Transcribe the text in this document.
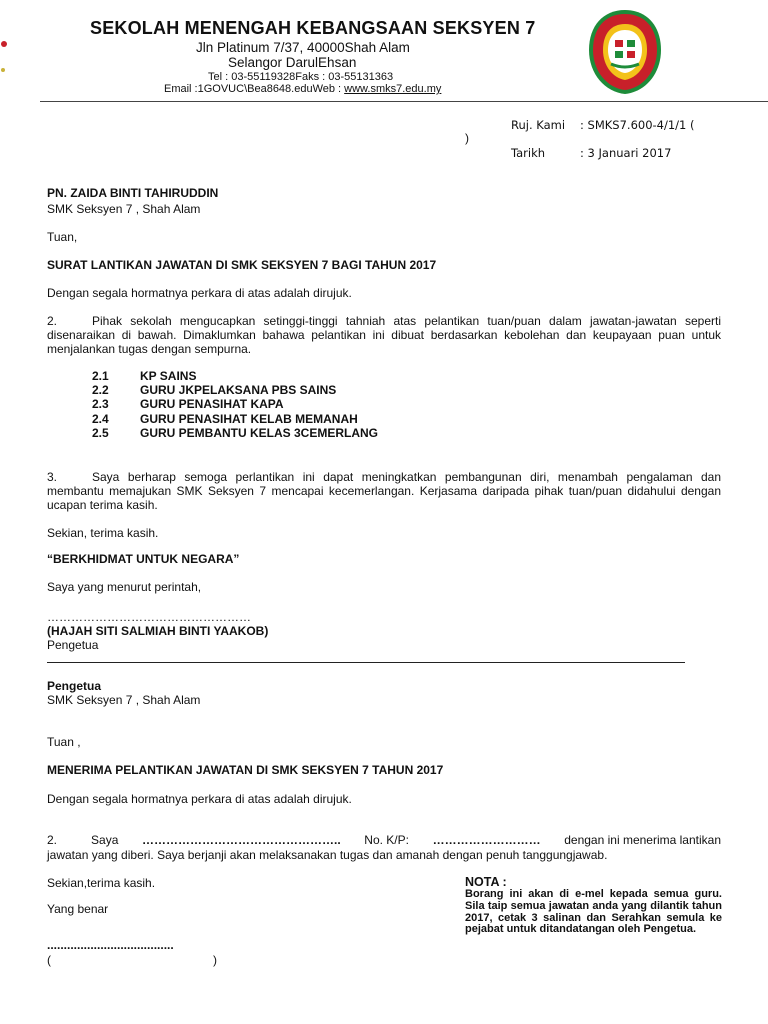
SEKOLAH MENENGAH KEBANGSAAN SEKSYEN 7
Jln Platinum 7/37, 40000Shah Alam
Selangor DarulEhsan
Tel : 03-55119328Faks : 03-55131363
Email :1GOVUC\Bea8648.eduWeb : www.smks7.edu.my
Ruj. Kami : SMKS7.600-4/1/1 (
)
Tarikh	: 3 Januari 2017
PN. ZAIDA BINTI TAHIRUDDIN
SMK Seksyen 7 , Shah Alam
Tuan,
SURAT LANTIKAN JAWATAN DI SMK SEKSYEN 7 BAGI TAHUN 2017
Dengan segala hormatnya perkara di atas adalah dirujuk.
2.	Pihak sekolah mengucapkan setinggi-tinggi tahniah atas pelantikan tuan/puan dalam jawatan-jawatan seperti disenaraikan di bawah. Dimaklumkan bahawa pelantikan ini dibuat berdasarkan kebolehan dan keupayaan puan untuk menjalankan tugas dengan sempurna.
2.1	KP SAINS
2.2	GURU JKPELAKSANA PBS SAINS
2.3	GURU PENASIHAT KAPA
2.4	GURU PENASIHAT KELAB MEMANAH
2.5	GURU PEMBANTU KELAS 3CEMERLANG
3.	Saya berharap semoga perlantikan ini dapat meningkatkan pembangunan diri, menambah pengalaman dan membantu memajukan SMK Seksyen 7 mencapai kecemerlangan. Kerjasama daripada pihak tuan/puan didahului dengan ucapan terima kasih.
Sekian, terima kasih.
“BERKHIDMAT UNTUK NEGARA”
Saya yang menurut perintah,
……………………………………………
(HAJAH SITI SALMIAH BINTI YAAKOB)
Pengetua
Pengetua
SMK Seksyen 7 , Shah Alam
Tuan ,
MENERIMA PELANTIKAN JAWATAN DI SMK SEKSYEN 7 TAHUN 2017
Dengan segala hormatnya perkara di atas adalah dirujuk.
2.	Saya ………………………………………….. No. K/P: ……………………… dengan ini menerima lantikan
jawatan yang diberi. Saya berjanji akan melaksanakan tugas dan amanah dengan penuh tanggungjawab.
Sekian,terima kasih.
Yang benar
......................................
(	)
NOTA :
Borang ini akan di e-mel kepada semua guru. Sila taip semua jawatan anda yang dilantik tahun 2017, cetak 3 salinan dan Serahkan semula ke pejabat untuk ditandatangan oleh Pengetua.
